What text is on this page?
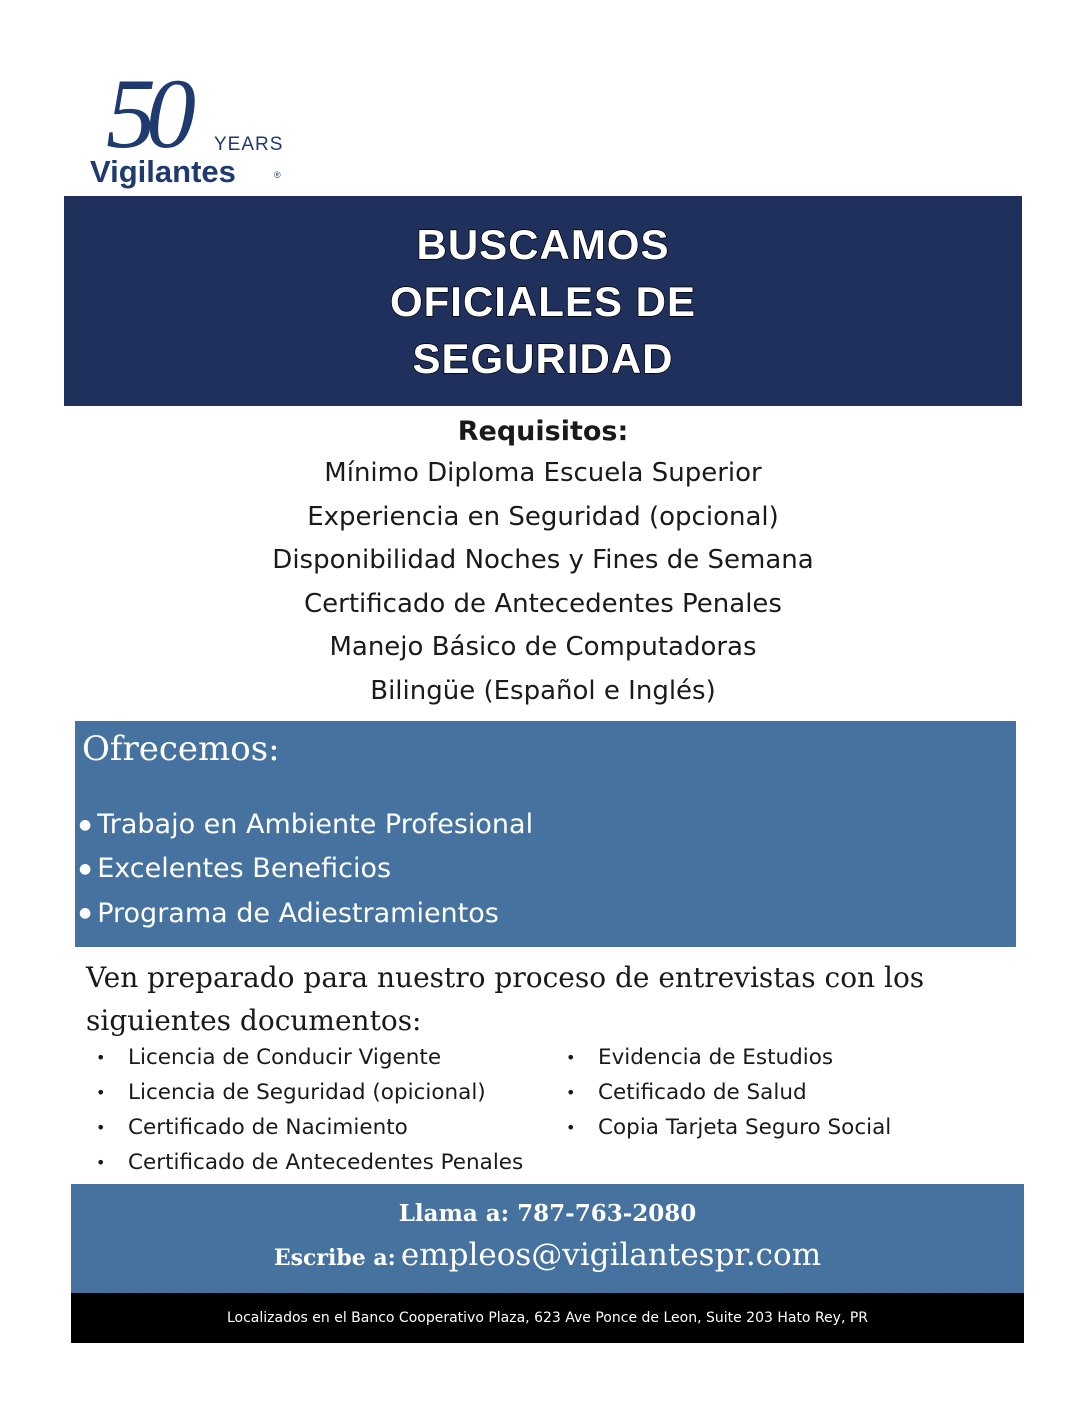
50 YEARS
Vigilantes	®
BUSCAMOS
OFICIALES DE
SEGURIDAD
Requisitos:
Mínimo Diploma Escuela Superior
Experiencia en Seguridad (opcional)
Disponibilidad Noches y Fines de Semana
Certificado de Antecedentes Penales
Manejo Básico de Computadoras
Bilingüe (Español e Inglés)
Ofrecemos:
● Trabajo en Ambiente Profesional
● Excelentes Beneficios
● Programa de Adiestramientos
Ven preparado para nuestro proceso de entrevistas con los siguientes documentos:
• Licencia de Conducir Vigente
• Licencia de Seguridad (opicional)
• Certificado de Nacimiento
• Certificado de Antecedentes Penales
• Evidencia de Estudios
• Cetificado de Salud
• Copia Tarjeta Seguro Social
Llama a: 787-763-2080
Escribe a: empleos@vigilantespr.com
Localizados en el Banco Cooperativo Plaza, 623 Ave Ponce de Leon, Suite 203 Hato Rey, PR
